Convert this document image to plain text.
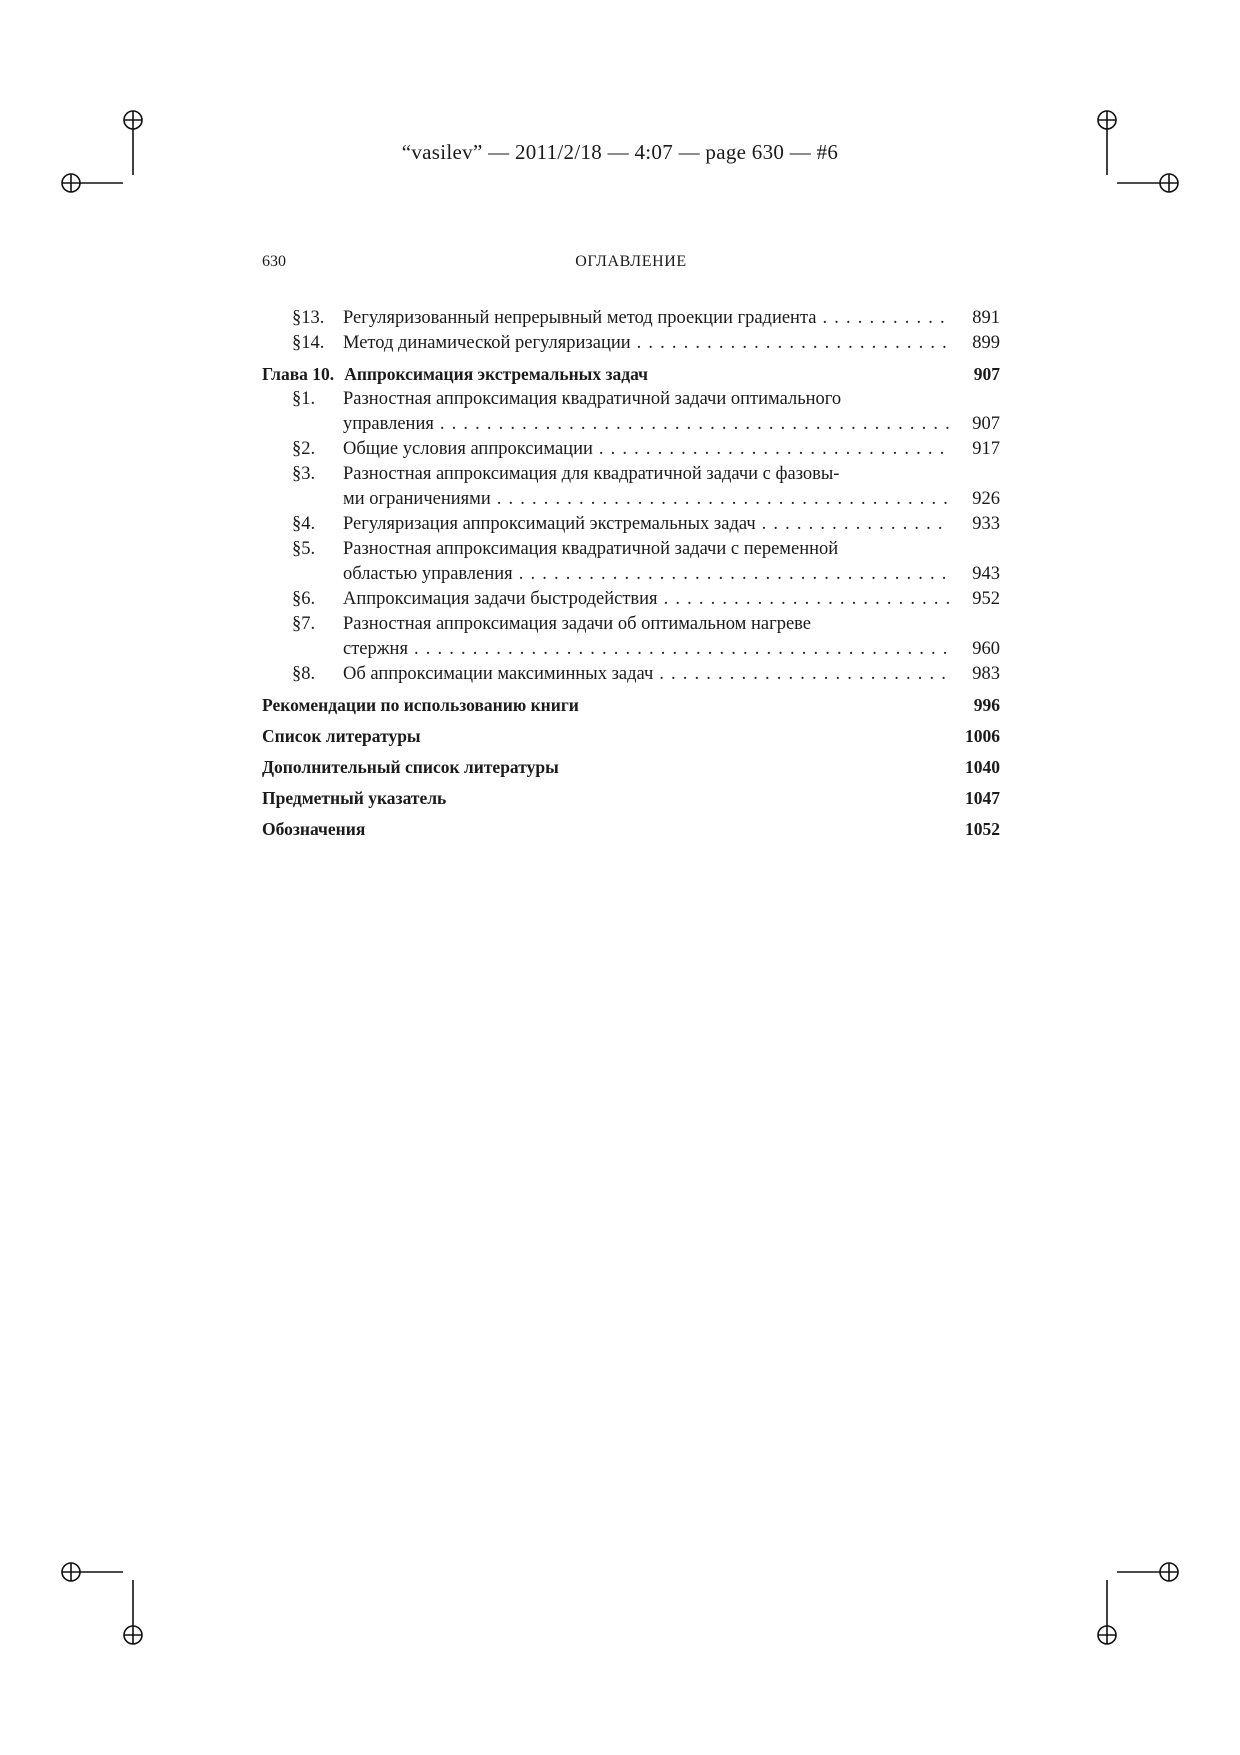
“vasilev” — 2011/2/18 — 4:07 — page 630 — #6
630	ОГЛАВЛЕНИЕ
§13. Регуляризованный непрерывный метод проекции градиента . . .	891
§14. Метод динамической регуляризации . . .	899
Глава 10. Аппроксимация экстремальных задач	907
§1. Разностная аппроксимация квадратичной задачи оптимального
управления . . .	907
§2. Общие условия аппроксимации . . .	917
§3. Разностная аппроксимация для квадратичной задачи с фазовы-
ми ограничениями . . .	926
§4. Регуляризация аппроксимаций экстремальных задач . . .	933
§5. Разностная аппроксимация квадратичной задачи с переменной
областью управления . . .	943
§6. Аппроксимация задачи быстродействия . . .	952
§7. Разностная аппроксимация задачи об оптимальном нагреве
стержня . . .	960
§8. Об аппроксимации максиминных задач . . .	983
Рекомендации по использованию книги	996
Список литературы	1006
Дополнительный список литературы	1040
Предметный указатель	1047
Обозначения	1052
